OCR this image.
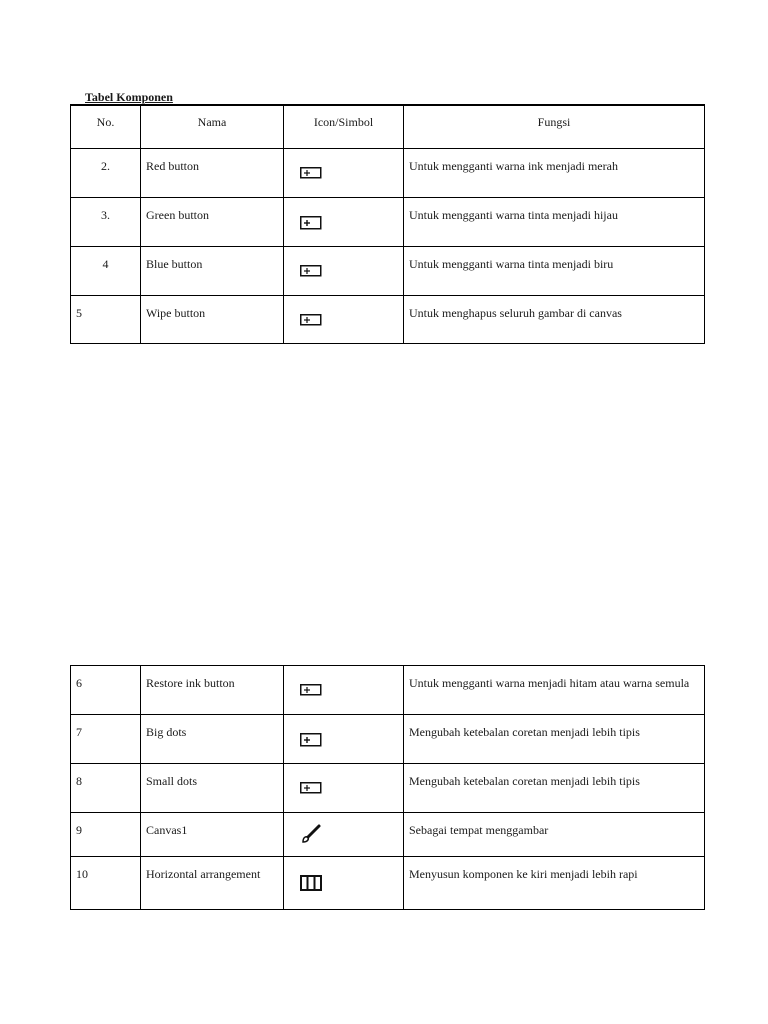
Tabel Komponen
No.	Nama	Icon/Simbol	Fungsi

2.	Red button		Untuk mengganti warna ink menjadi merah

3.	Green button		Untuk mengganti warna tinta menjadi hijau

4	Blue button		Untuk mengganti warna tinta menjadi biru

5	Wipe button		Untuk menghapus seluruh gambar di canvas
6	Restore ink button		Untuk mengganti warna menjadi hitam atau warna semula

7	Big dots		Mengubah ketebalan coretan menjadi lebih tipis

8	Small dots		Mengubah ketebalan coretan menjadi lebih tipis

9	Canvas1		Sebagai tempat menggambar

10	Horizontal arrangement		Menyusun komponen ke kiri menjadi lebih rapi
